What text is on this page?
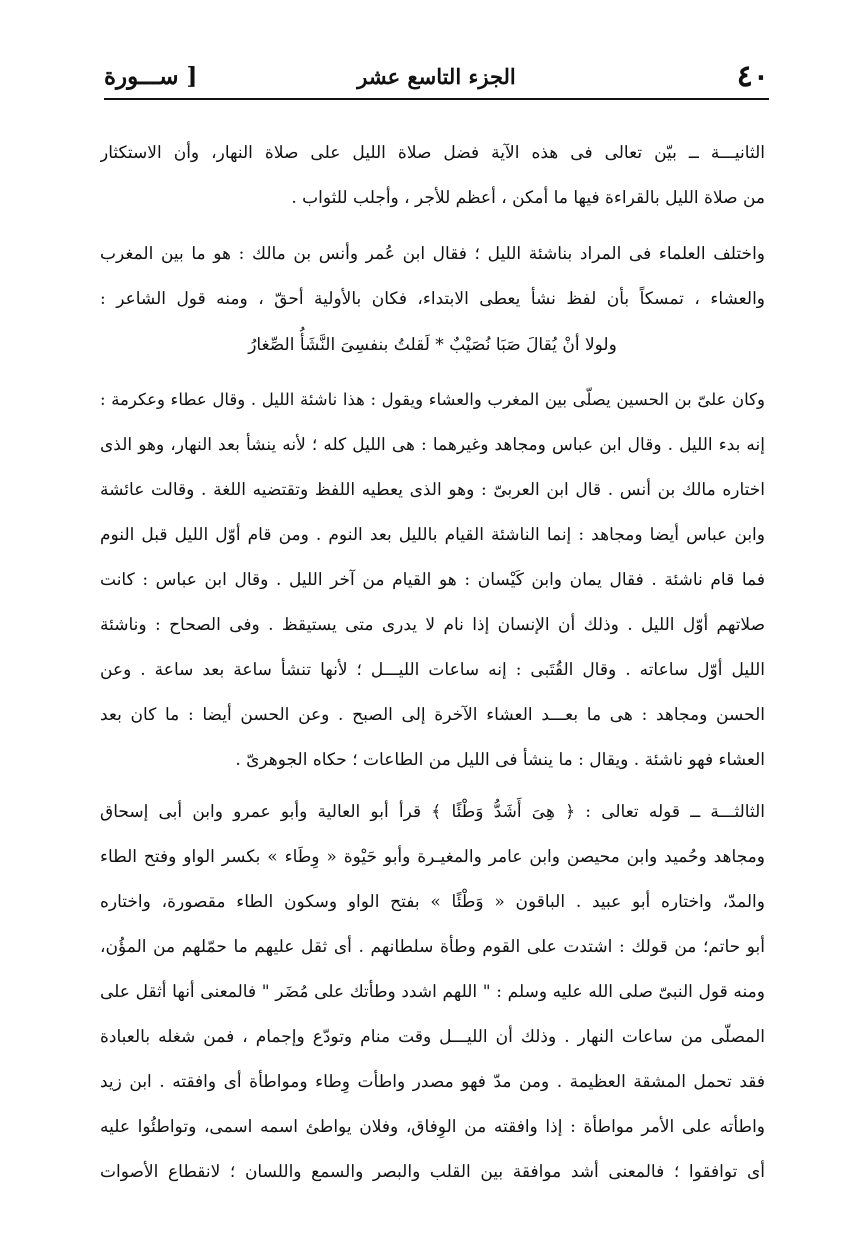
٤٠
الجزء التاسع عشر
[ ســـورة
الثانيـــة ــ بيّن تعالى فى هذه الآية فضل صلاة الليل على صلاة النهار، وأن الاستكثار
من صلاة الليل بالقراءة فيها ما أمكن ، أعظم للأجر ، وأجلب للثواب .
واختلف العلماء فى المراد بناشئة الليل ؛ فقال ابن عُمر وأنس بن مالك : هو ما بين المغرب
والعشاء ، تمسكاً بأن لفظ نشأ يعطى الابتداء، فكان بالأولية أحقّ ، ومنه قول الشاعر :
ولولا أنْ يُقالَ صَبَا نُصَيْبٌ * لَقلتُ بنفسِىَ النَّشَأُ الصِّغارُ
وكان علىّ بن الحسين يصلّى بين المغرب والعشاء ويقول : هذا ناشئة الليل . وقال عطاء وعكرمة :
إنه بدء الليل . وقال ابن عباس ومجاهد وغيرهما : هى الليل كله ؛ لأنه ينشأ بعد النهار، وهو الذى
اختاره مالك بن أنس . قال ابن العربىّ : وهو الذى يعطيه اللفظ وتقتضيه اللغة . وقالت عائشة
وابن عباس أيضا ومجاهد : إنما الناشئة القيام بالليل بعد النوم . ومن قام أوّل الليل قبل النوم
فما قام ناشئة . فقال يمان وابن كَيْسان : هو القيام من آخر الليل . وقال ابن عباس : كانت
صلاتهم أوّل الليل . وذلك أن الإنسان إذا نام لا يدرى متى يستيقظ . وفى الصحاح : وناشئة
الليل أوّل ساعاته . وقال القُتَبى : إنه ساعات الليـــل ؛ لأنها تنشأ ساعة بعد ساعة . وعن
الحسن ومجاهد : هى ما بعـــد العشاء الآخرة إلى الصبح . وعن الحسن أيضا : ما كان بعد
العشاء فهو ناشئة . ويقال : ما ينشأ فى الليل من الطاعات ؛ حكاه الجوهرىّ .
الثالثـــة ــ قوله تعالى : ﴿ هِىَ أَشَدُّ وَطْئًا ﴾ قرأ أبو العالية وأبو عمرو وابن أبى إسحاق
ومجاهد وحُميد وابن محيصن وابن عامر والمغيـرة وأبو حَيْوة « وِطَاء » بكسر الواو وفتح الطاء
والمدّ، واختاره أبو عبيد . الباقون « وَطْئًا » بفتح الواو وسكون الطاء مقصورة، واختاره
أبو حاتم؛ من قولك : اشتدت على القوم وطأة سلطانهم . أى ثقل عليهم ما حمّلهم من المؤُن،
ومنه قول النبىّ صلى الله عليه وسلم : " اللهم اشدد وطأتك على مُضَر " فالمعنى أنها أثقل على
المصلّى من ساعات النهار . وذلك أن الليـــل وقت منام وتودّع وإجمام ، فمن شغله بالعبادة
فقد تحمل المشقة العظيمة . ومن مدّ فهو مصدر واطأت وِطاء ومواطأة أى وافقته . ابن زيد
واطأته على الأمر مواطأة : إذا وافقته من الوِفاق، وفلان يواطئ اسمه اسمى، وتواطئُوا عليه
أى توافقوا ؛ فالمعنى أشد موافقة بين القلب والبصر والسمع واللسان ؛ لانقطاع الأصوات
